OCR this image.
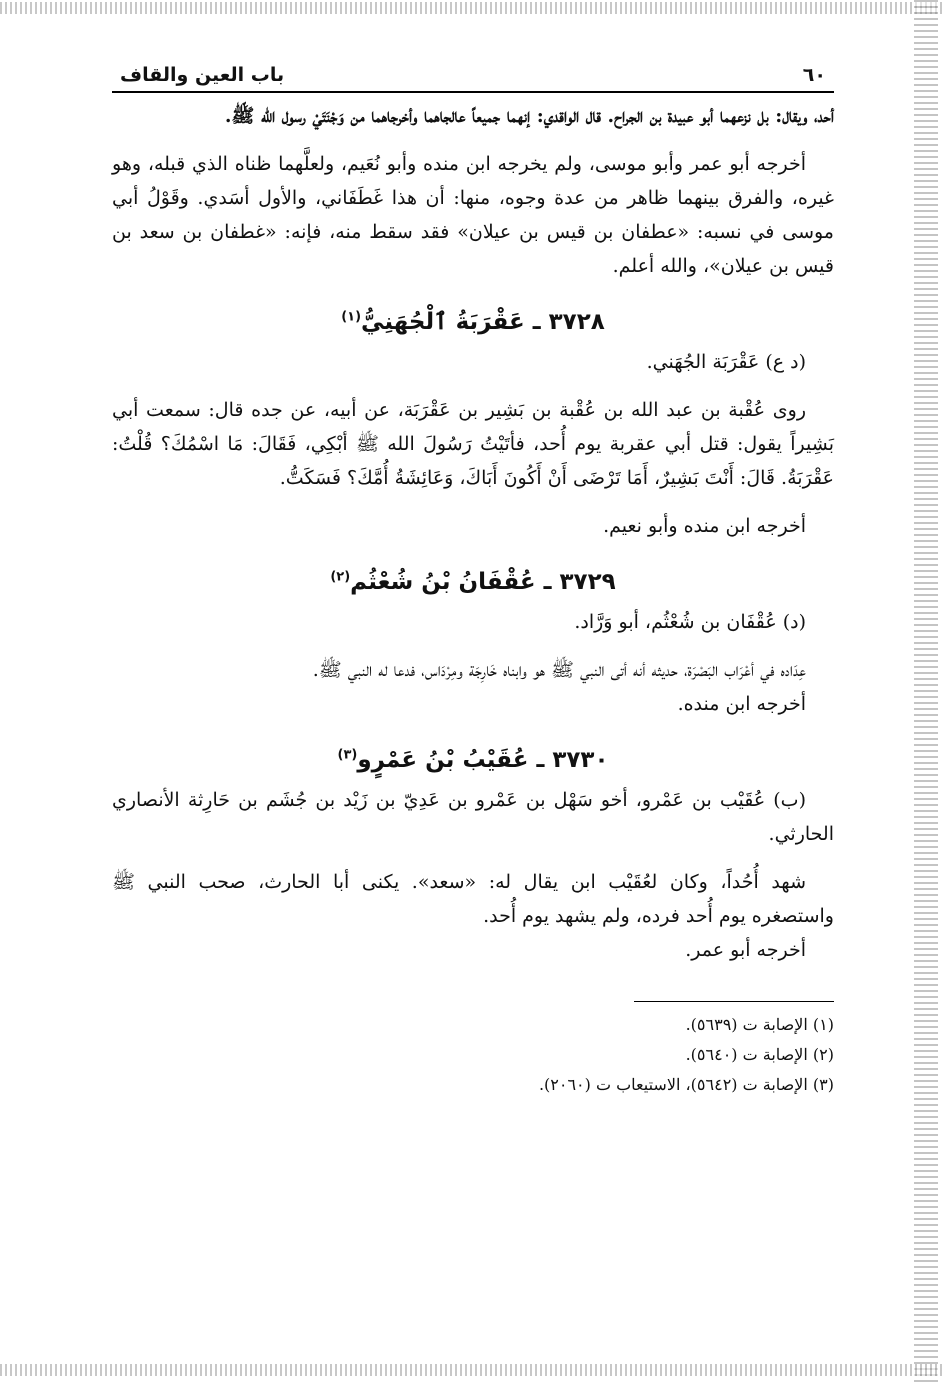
٦٠
باب العين والقاف

أحد، ويقال: بل نزعهما أبو عبيدة بن الجراح. قال الواقدي: إنهما جميعاً عالجاهما وأخرجاهما من وَجْنَتَيْ رسول الله ﷺ.

أخرجه أبو عمر وأبو موسى، ولم يخرجه ابن منده وأبو نُعَيم، ولعلَّهما ظناه الذي قبله، وهو غيره، والفرق بينهما ظاهر من عدة وجوه، منها: أن هذا غَطَفَاني، والأول أسَدي. وقَوْلُ أبي موسى في نسبه: «عطفان بن قيس بن عيلان» فقد سقط منه، فإنه: «غطفان بن سعد بن قيس بن عيلان»، والله أعلم.

٣٧٢٨ ـ عَقْرَبَةُ ٱلْجُهَنِيُّ$^{(١)}$

(د ع) عَقْرَبَة الجُهَني.

روى عُقْبة بن عبد الله بن عُقْبة بن بَشِير بن عَقْرَبَة، عن أبيه، عن جده قال: سمعت أبي بَشِيراً يقول: قتل أبي عقربة يوم أُحد، فأتَيْتُ رَسُولَ الله ﷺ أبْكِي، فَقَالَ: مَا اسْمُكَ؟ قُلْتُ: عَقْرَبَةُ. قَالَ: أَنْتَ بَشِيرٌ، أَمَا تَرْضَى أَنْ أَكُونَ أَبَاكَ، وَعَائِشَةُ أُمَّكَ؟ فَسَكَتُّ.

أخرجه ابن منده وأبو نعيم.

٣٧٢٩ ـ عُقْفَانُ بْنُ شُعْثُم$^{(٢)}$

(د) عُقْفَان بن شُعْثُم، أبو وَرَّاد.

عِدَاده في أعْرَاب البَصْرَة، حديثه أنه أتى النبي ﷺ هو وابناه خَارِجَة ومِرْدَاس، فدعا له النبي ﷺ.

أخرجه ابن منده.

٣٧٣٠ ـ عُقَيْبُ بْنُ عَمْرٍو$^{(٣)}$

(ب) عُقَيْب بن عَمْرو، أخو سَهْل بن عَمْرو بن عَدِيّ بن زَيْد بن جُشَم بن حَارِثة الأنصاري الحارثي.

شهد أُحُداً، وكان لعُقَيْب ابن يقال له: «سعد». يكنى أبا الحارث، صحب النبي ﷺ واستصغره يوم أُحد فرده، ولم يشهد يوم أُحد.

أخرجه أبو عمر.

(١) الإصابة ت (٥٦٣٩).

(٢) الإصابة ت (٥٦٤٠).

(٣) الإصابة ت (٥٦٤٢)، الاستيعاب ت (٢٠٦٠).
